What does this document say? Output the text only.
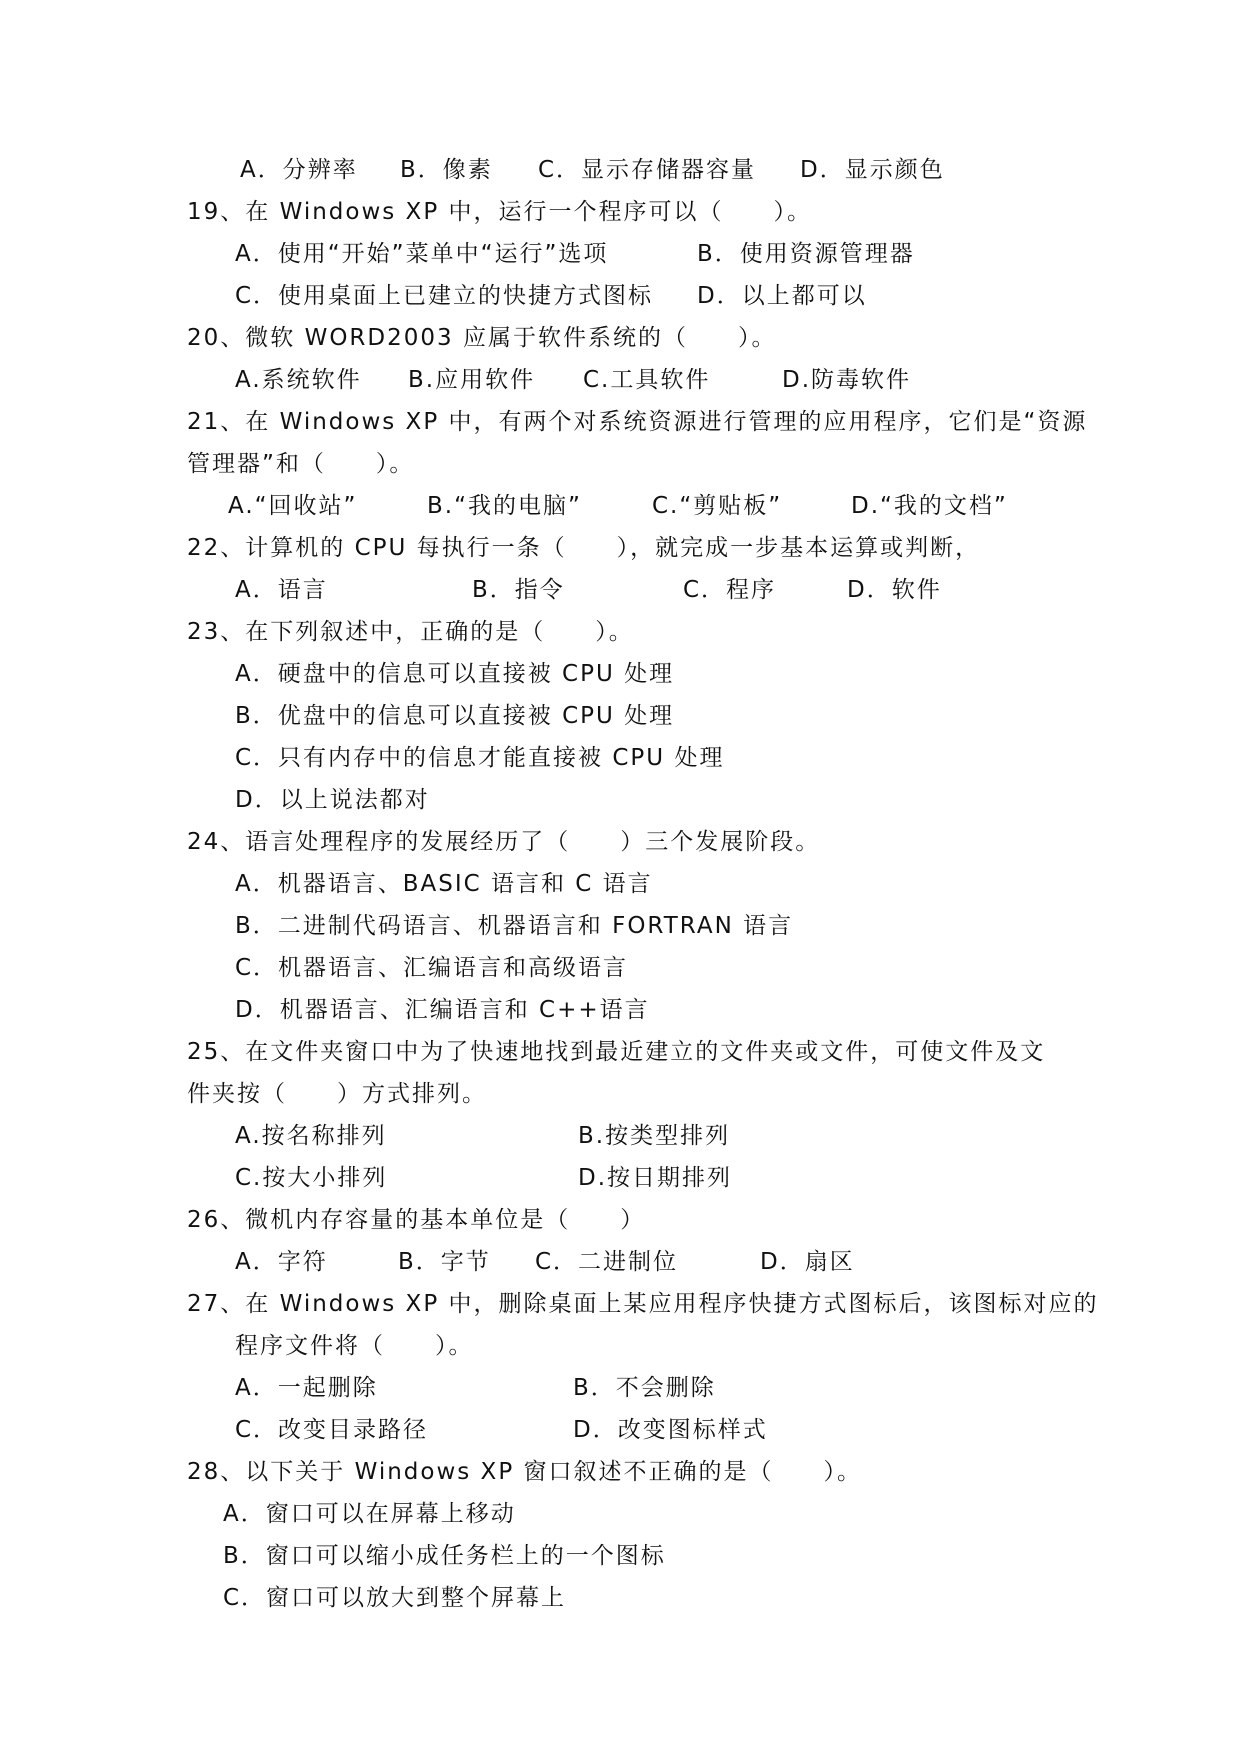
A．分辨率 B．像素 C．显示存储器容量 D．显示颜色
19、在 Windows XP 中，运行一个程序可以（　　）。
A．使用“开始”菜单中“运行”选项	B．使用资源管理器
C．使用桌面上已建立的快捷方式图标 D．以上都可以
20、微软 WORD2003 应属于软件系统的（　　）。
A.系统软件 B.应用软件 C.工具软件	D.防毒软件
21、在 Windows XP 中，有两个对系统资源进行管理的应用程序，它们是“资源
管理器”和（　　）。
A.“回收站”	B.“我的电脑”	C.“剪贴板”	D.“我的文档”
22、计算机的 CPU 每执行一条（　　），就完成一步基本运算或判断，
A．语言	B．指令	C．程序	D．软件
23、在下列叙述中，正确的是（　　）。
A．硬盘中的信息可以直接被 CPU 处理
B．优盘中的信息可以直接被 CPU 处理
C．只有内存中的信息才能直接被 CPU 处理
D．以上说法都对
24、语言处理程序的发展经历了（　　）三个发展阶段。
A．机器语言、BASIC 语言和 C 语言
B．二进制代码语言、机器语言和 FORTRAN 语言
C．机器语言、汇编语言和高级语言
D．机器语言、汇编语言和 C++语言
25、在文件夹窗口中为了快速地找到最近建立的文件夹或文件，可使文件及文
件夹按（　　）方式排列。
A.按名称排列	B.按类型排列
C.按大小排列	D.按日期排列
26、微机内存容量的基本单位是（　　）
A．字符	B．字节 C．二进制位	D．扇区
27、在 Windows XP 中，删除桌面上某应用程序快捷方式图标后，该图标对应的
程序文件将（　　）。
A．一起删除	B．不会删除
C．改变目录路径	D．改变图标样式
28、以下关于 Windows XP 窗口叙述不正确的是（　　）。
A．窗口可以在屏幕上移动
B．窗口可以缩小成任务栏上的一个图标
C．窗口可以放大到整个屏幕上
